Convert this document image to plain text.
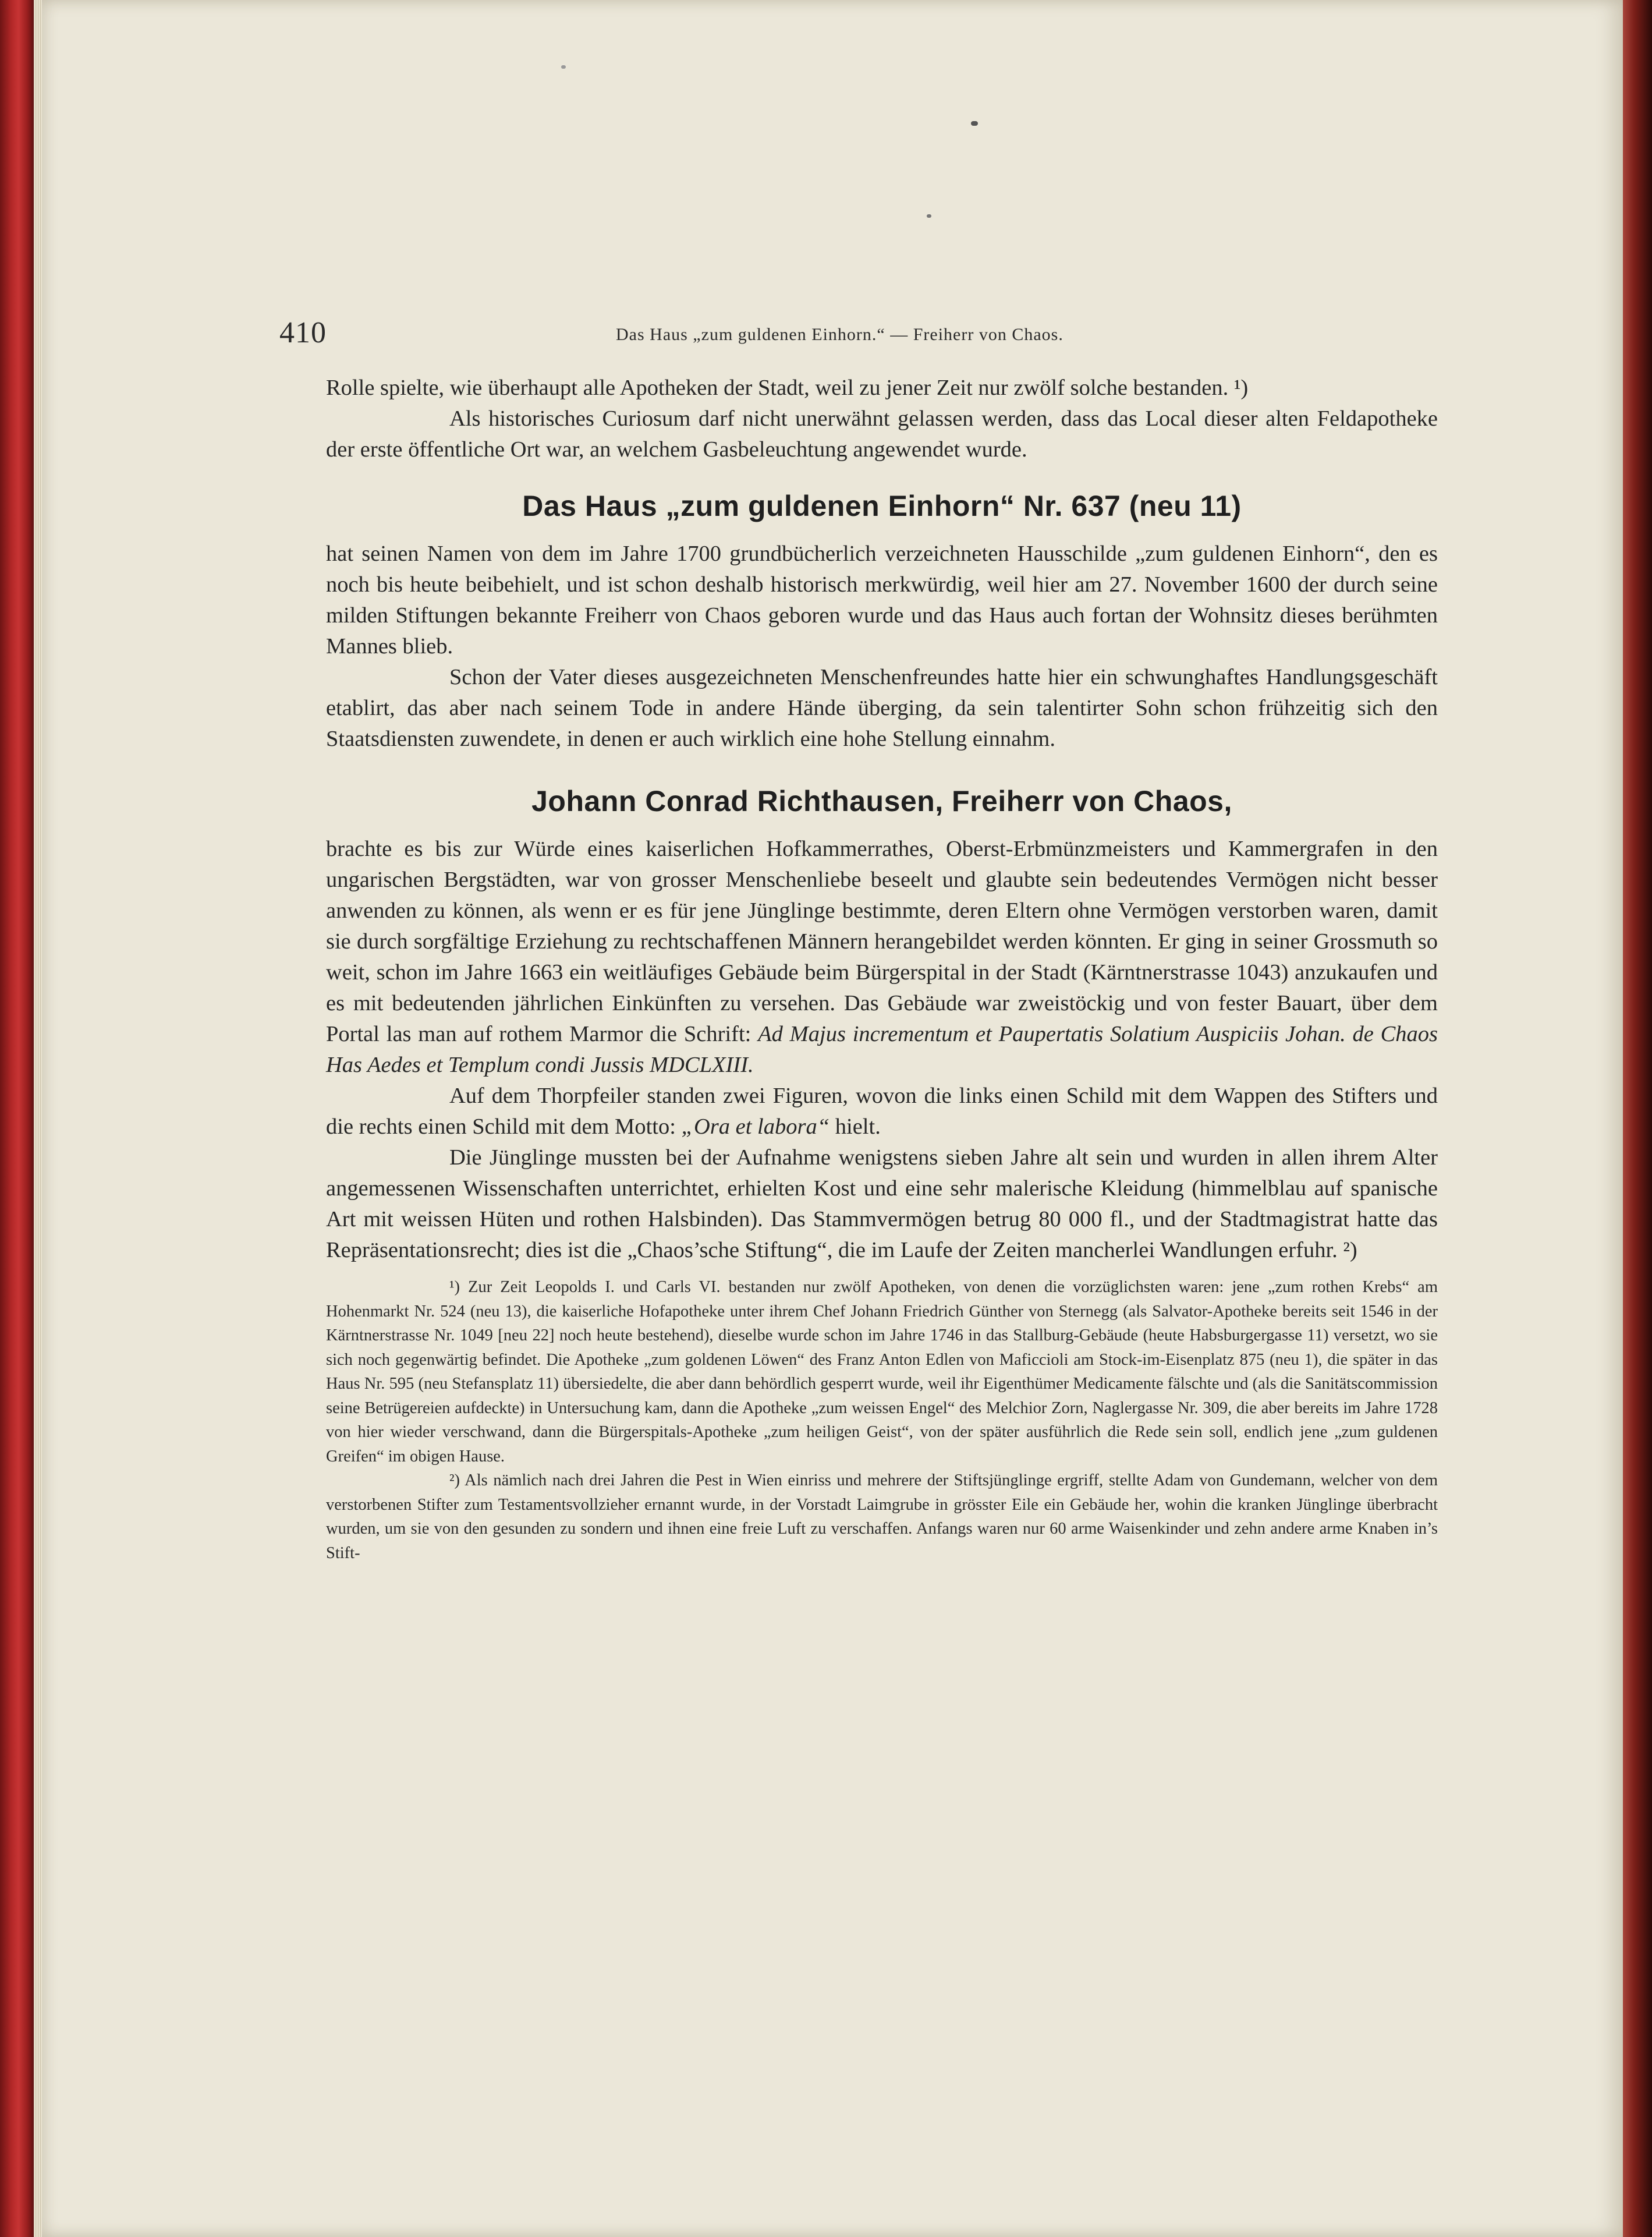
410	Das Haus „zum guldenen Einhorn.“ — Freiherr von Chaos.

Rolle spielte, wie überhaupt alle Apotheken der Stadt, weil zu jener Zeit nur zwölf solche bestanden. ¹)

Als historisches Curiosum darf nicht unerwähnt gelassen werden, dass das Local dieser alten Feldapotheke der erste öffentliche Ort war, an welchem Gasbeleuchtung angewendet wurde.

Das Haus „zum guldenen Einhorn“ Nr. 637 (neu 11)

hat seinen Namen von dem im Jahre 1700 grundbücherlich verzeichneten Hausschilde „zum guldenen Einhorn“, den es noch bis heute beibehielt, und ist schon deshalb historisch merkwürdig, weil hier am 27. November 1600 der durch seine milden Stiftungen bekannte Freiherr von Chaos geboren wurde und das Haus auch fortan der Wohnsitz dieses berühmten Mannes blieb.

Schon der Vater dieses ausgezeichneten Menschenfreundes hatte hier ein schwunghaftes Handlungsgeschäft etablirt, das aber nach seinem Tode in andere Hände überging, da sein talentirter Sohn schon frühzeitig sich den Staatsdiensten zuwendete, in denen er auch wirklich eine hohe Stellung einnahm.

Johann Conrad Richthausen, Freiherr von Chaos,

brachte es bis zur Würde eines kaiserlichen Hofkammerrathes, Oberst-Erbmünzmeisters und Kammergrafen in den ungarischen Bergstädten, war von grosser Menschenliebe beseelt und glaubte sein bedeutendes Vermögen nicht besser anwenden zu können, als wenn er es für jene Jünglinge bestimmte, deren Eltern ohne Vermögen verstorben waren, damit sie durch sorgfältige Erziehung zu rechtschaffenen Männern herangebildet werden könnten. Er ging in seiner Grossmuth so weit, schon im Jahre 1663 ein weitläufiges Gebäude beim Bürgerspital in der Stadt (Kärntnerstrasse 1043) anzukaufen und es mit bedeutenden jährlichen Einkünften zu versehen. Das Gebäude war zweistöckig und von fester Bauart, über dem Portal las man auf rothem Marmor die Schrift: Ad Majus incrementum et Paupertatis Solatium Auspiciis Johan. de Chaos Has Aedes et Templum condi Jussis MDCLXIII.

Auf dem Thorpfeiler standen zwei Figuren, wovon die links einen Schild mit dem Wappen des Stifters und die rechts einen Schild mit dem Motto: „Ora et labora“ hielt.

Die Jünglinge mussten bei der Aufnahme wenigstens sieben Jahre alt sein und wurden in allen ihrem Alter angemessenen Wissenschaften unterrichtet, erhielten Kost und eine sehr malerische Kleidung (himmelblau auf spanische Art mit weissen Hüten und rothen Halsbinden). Das Stammvermögen betrug 80 000 fl., und der Stadtmagistrat hatte das Repräsentationsrecht; dies ist die „Chaos’sche Stiftung“, die im Laufe der Zeiten mancherlei Wandlungen erfuhr. ²)

¹) Zur Zeit Leopolds I. und Carls VI. bestanden nur zwölf Apotheken, von denen die vorzüglichsten waren: jene „zum rothen Krebs“ am Hohenmarkt Nr. 524 (neu 13), die kaiserliche Hofapotheke unter ihrem Chef Johann Friedrich Günther von Sternegg (als Salvator-Apotheke bereits seit 1546 in der Kärntnerstrasse Nr. 1049 [neu 22] noch heute bestehend), dieselbe wurde schon im Jahre 1746 in das Stallburg-Gebäude (heute Habsburgergasse 11) versetzt, wo sie sich noch gegenwärtig befindet. Die Apotheke „zum goldenen Löwen“ des Franz Anton Edlen von Maficcioli am Stock-im-Eisenplatz 875 (neu 1), die später in das Haus Nr. 595 (neu Stefansplatz 11) übersiedelte, die aber dann behördlich gesperrt wurde, weil ihr Eigenthümer Medicamente fälschte und (als die Sanitätscommission seine Betrügereien aufdeckte) in Untersuchung kam, dann die Apotheke „zum weissen Engel“ des Melchior Zorn, Naglergasse Nr. 309, die aber bereits im Jahre 1728 von hier wieder verschwand, dann die Bürgerspitals-Apotheke „zum heiligen Geist“, von der später ausführlich die Rede sein soll, endlich jene „zum guldenen Greifen“ im obigen Hause.

²) Als nämlich nach drei Jahren die Pest in Wien einriss und mehrere der Stiftsjünglinge ergriff, stellte Adam von Gundemann, welcher von dem verstorbenen Stifter zum Testamentsvollzieher ernannt wurde, in der Vorstadt Laimgrube in grösster Eile ein Gebäude her, wohin die kranken Jünglinge überbracht wurden, um sie von den gesunden zu sondern und ihnen eine freie Luft zu verschaffen. Anfangs waren nur 60 arme Waisenkinder und zehn andere arme Knaben in’s Stift-
